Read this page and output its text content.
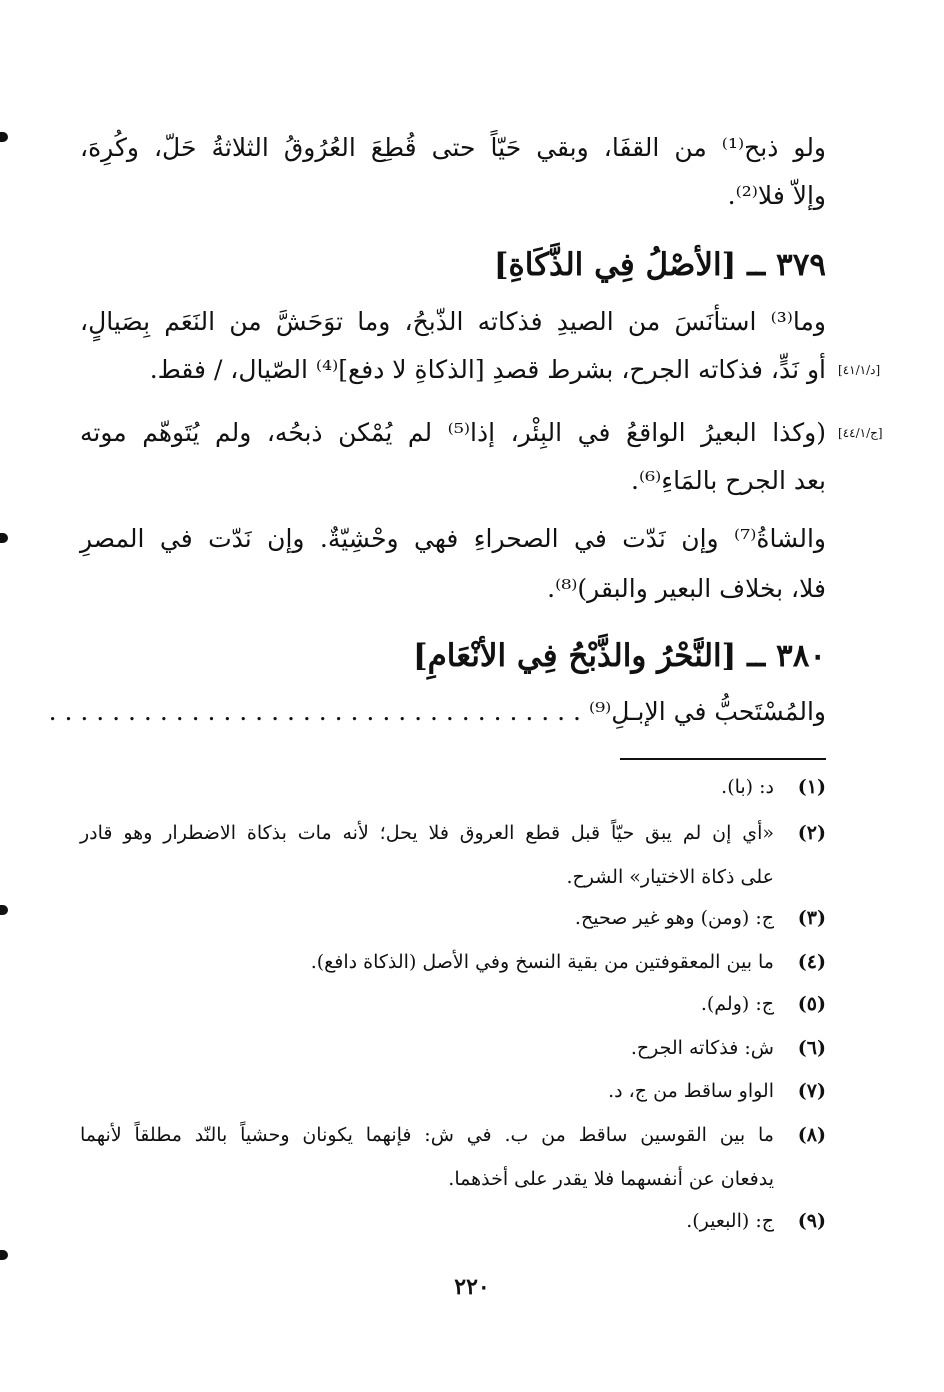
ولو ذبح⁽¹⁾ من القفَا، وبقي حَيّاً حتى قُطِعَ العُرُوقُ الثلاثةُ حَلّ، وكُرِهَ،
وإلاّ فلا⁽²⁾.
٣٧٩ ــ [الأصْلُ فِي الذَّكَاةِ]
وما⁽³⁾ استأنَسَ من الصيدِ فذكاته الذّبحُ، وما توَحَشَّ من النَعَم بِصَيالٍ،
أو نَدٍّ، فذكاته الجرح، بشرط قصدِ [الذكاةِ لا دفع]⁽⁴⁾ الصّيال، / فقط. [د/٤١/١]
(وكذا البعيرُ الواقعُ في البِئْر، إذا⁽⁵⁾ لم يُمْكن ذبحُه، ولم يُتَوهّم موته [ج/٤٤/١]
بعد الجرح بالمَاءِ⁽⁶⁾.
والشاةُ⁽⁷⁾ وإن نَدّت في الصحراءِ فهي وحْشِيّةٌ. وإن نَدّت في المصرِ
فلا، بخلاف البعير والبقر)⁽⁸⁾.
٣٨٠ ــ [النَّحْرُ والذَّبْحُ فِي الأنْعَامِ]
والمُسْتَحبُّ في الإبـلِ⁽⁹⁾ . . . . . . . . . . . . . . . . . . . . . . . . . . . . . . . . . .
(١)
د: (با).
(٢)
«أي إن لم يبق حيّاً قبل قطع العروق فلا يحل؛ لأنه مات بذكاة الاضطرار وهو قادر
على ذكاة الاختيار» الشرح.
(٣)
ج: (ومن) وهو غير صحيح.
(٤)
ما بين المعقوفتين من بقية النسخ وفي الأصل (الذكاة دافع).
(٥)
ج: (ولم).
(٦)
ش: فذكاته الجرح.
(٧)
الواو ساقط من ج، د.
(٨)
ما بين القوسين ساقط من ب. في ش: فإنهما يكونان وحشياً بالنّد مطلقاً لأنهما
يدفعان عن أنفسهما فلا يقدر على أخذهما.
(٩)
ج: (البعير).
٢٢٠
